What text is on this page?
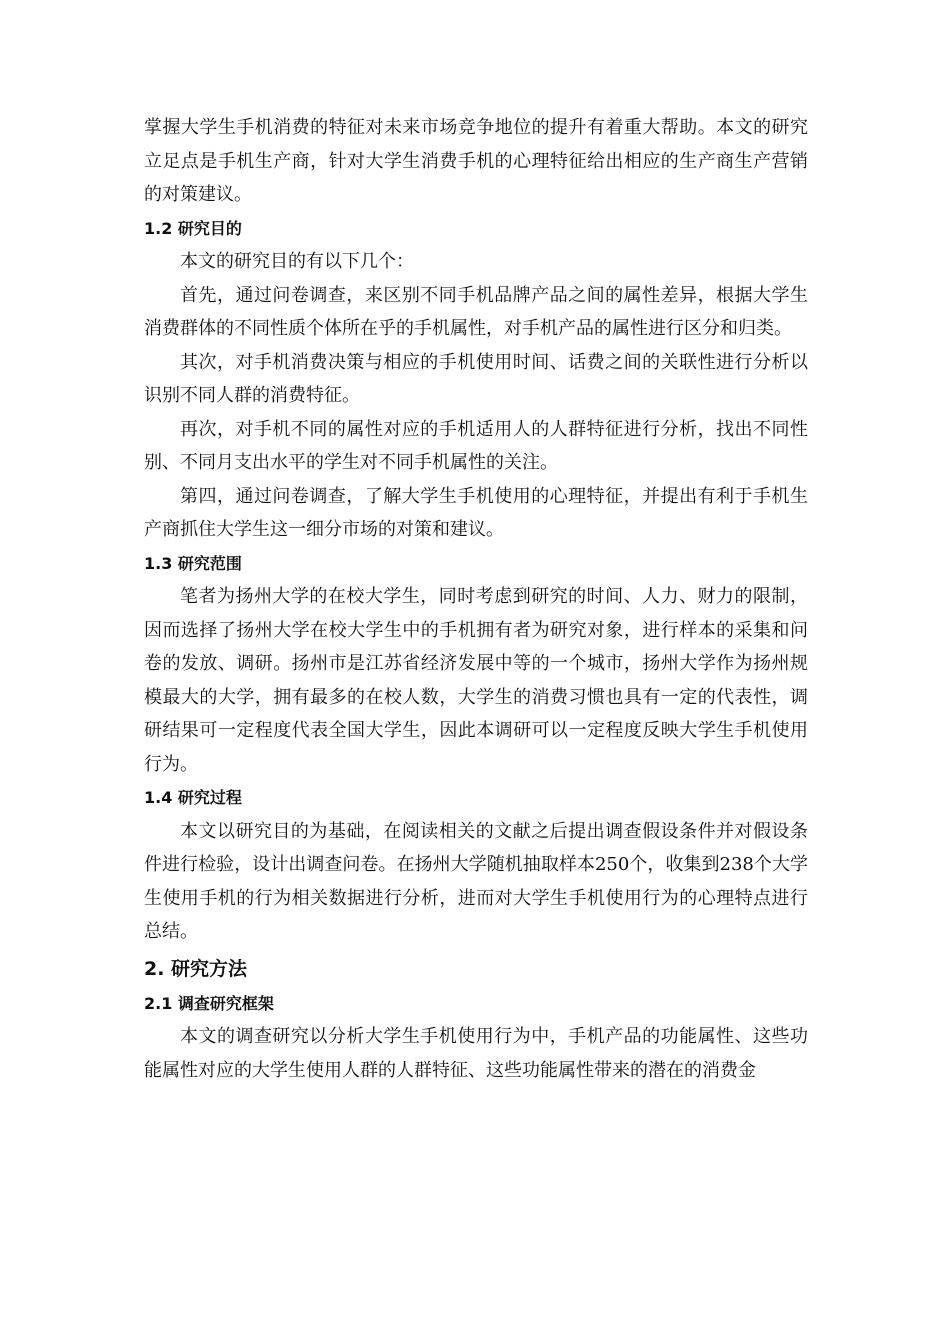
掌握大学生手机消费的特征对未来市场竞争地位的提升有着重大帮助。本文的研究立足点是手机生产商，针对大学生消费手机的心理特征给出相应的生产商生产营销的对策建议。

1.2 研究目的

本文的研究目的有以下几个：

首先，通过问卷调查，来区别不同手机品牌产品之间的属性差异，根据大学生消费群体的不同性质个体所在乎的手机属性，对手机产品的属性进行区分和归类。

其次，对手机消费决策与相应的手机使用时间、话费之间的关联性进行分析以识别不同人群的消费特征。

再次，对手机不同的属性对应的手机适用人的人群特征进行分析，找出不同性别、不同月支出水平的学生对不同手机属性的关注。

第四，通过问卷调查，了解大学生手机使用的心理特征，并提出有利于手机生产商抓住大学生这一细分市场的对策和建议。

1.3 研究范围

笔者为扬州大学的在校大学生，同时考虑到研究的时间、人力、财力的限制，因而选择了扬州大学在校大学生中的手机拥有者为研究对象，进行样本的采集和问卷的发放、调研。扬州市是江苏省经济发展中等的一个城市，扬州大学作为扬州规模最大的大学，拥有最多的在校人数，大学生的消费习惯也具有一定的代表性，调研结果可一定程度代表全国大学生，因此本调研可以一定程度反映大学生手机使用行为。

1.4 研究过程

本文以研究目的为基础，在阅读相关的文献之后提出调查假设条件并对假设条件进行检验，设计出调查问卷。在扬州大学随机抽取样本250个，收集到238个大学生使用手机的行为相关数据进行分析，进而对大学生手机使用行为的心理特点进行总结。

2. 研究方法
2.1 调查研究框架

本文的调查研究以分析大学生手机使用行为中，手机产品的功能属性、这些功能属性对应的大学生使用人群的人群特征、这些功能属性带来的潜在的消费金
